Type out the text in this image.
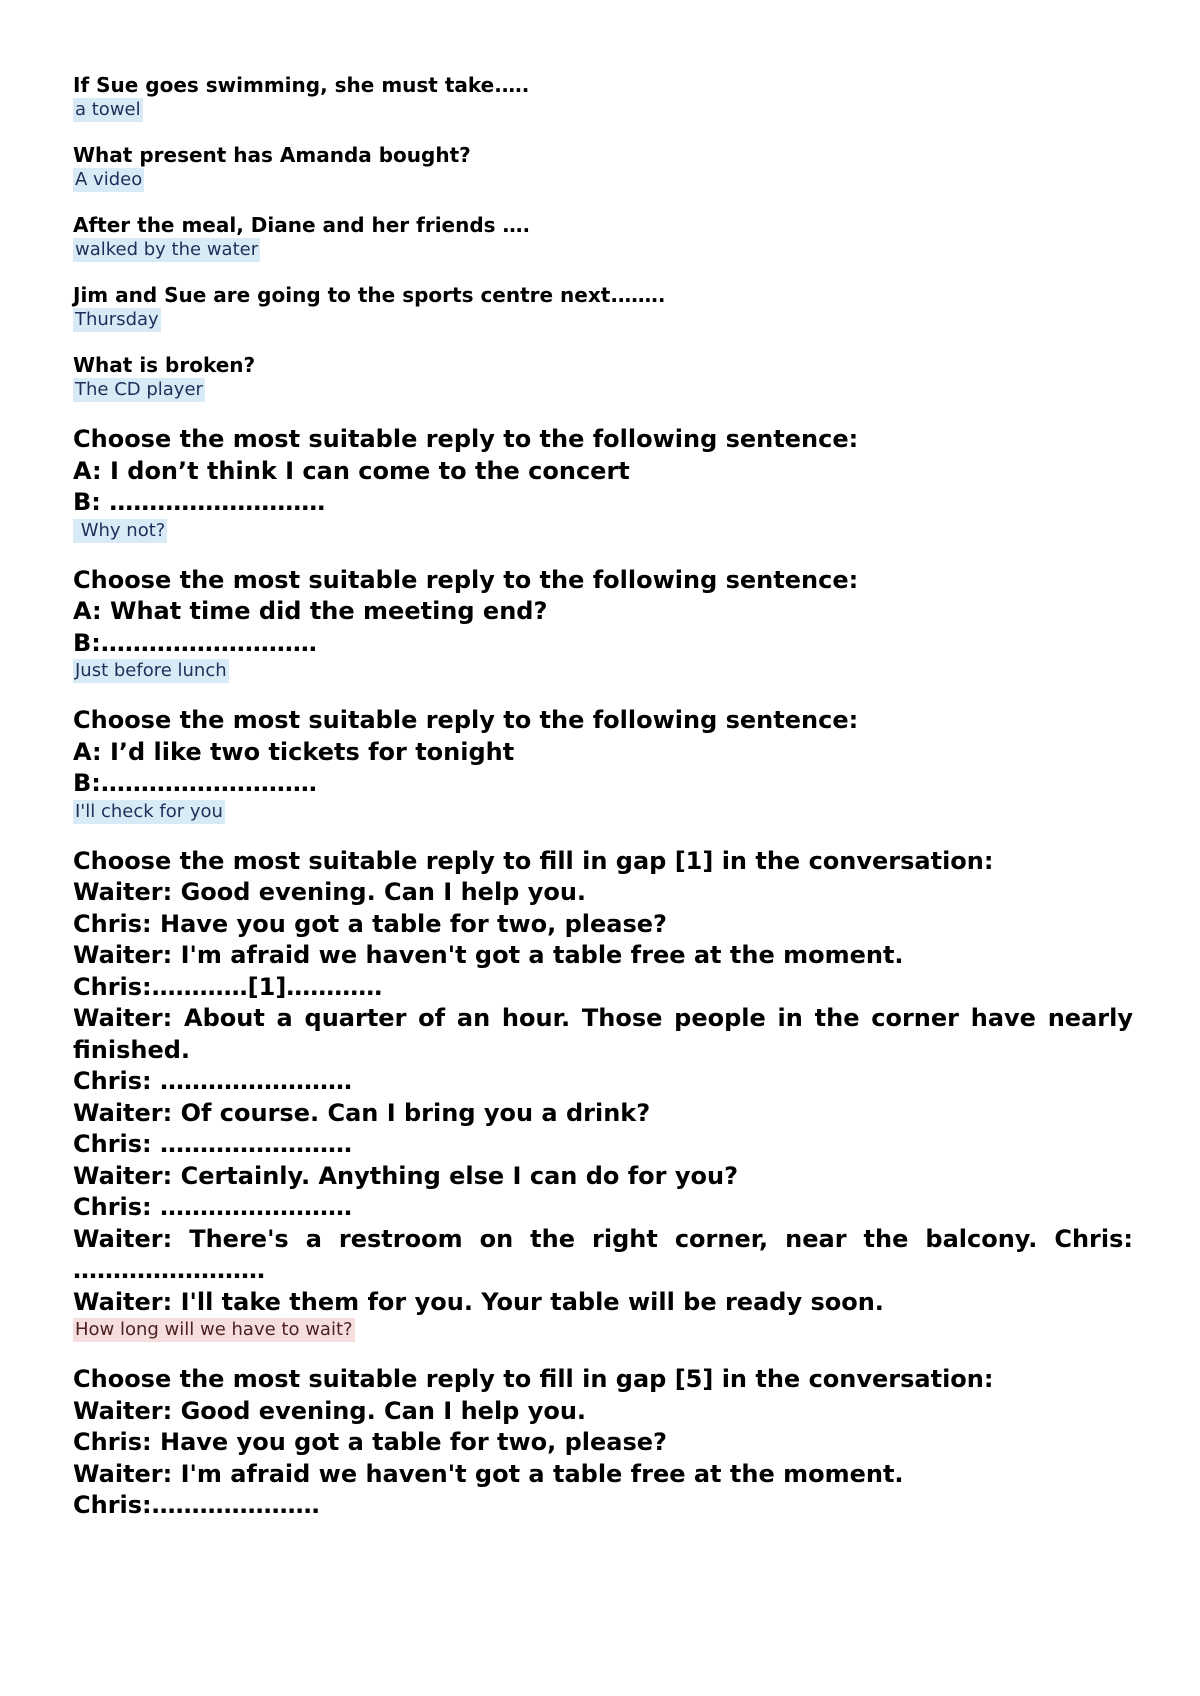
If Sue goes swimming, she must take.….
a towel
What present has Amanda bought?
A video
After the meal, Diane and her friends ….
walked by the water
Jim and Sue are going to the sports centre next.…….
Thursday
What is broken?
The CD player

Choose the most suitable reply to the following sentence:

A: I don’t think I can come to the concert

B: ………………………

Why not?

Choose the most suitable reply to the following sentence:

A: What time did the meeting end?

B:………………………

Just before lunch

Choose the most suitable reply to the following sentence:

A: I’d like two tickets for tonight

B:………………………

I'll check for you

Choose the most suitable reply to fill in gap [1] in the conversation:

Waiter: Good evening. Can I help you.

Chris: Have you got a table for two, please?

Waiter: I'm afraid we haven't got a table free at the moment.

Chris:…………[1]…………

Waiter: About a quarter of an hour. Those people in the corner have nearly

finished.

Chris: ……………………

Waiter: Of course. Can I bring you a drink?

Chris: ……………………

Waiter: Certainly. Anything else I can do for you?

Chris: ……………………

Waiter: There's a restroom on the right corner, near the balcony. Chris:

……………………

Waiter: I'll take them for you. Your table will be ready soon.

How long will we have to wait?

Choose the most suitable reply to fill in gap [5] in the conversation:

Waiter: Good evening. Can I help you.

Chris: Have you got a table for two, please?

Waiter: I'm afraid we haven't got a table free at the moment.

Chris:…………………
